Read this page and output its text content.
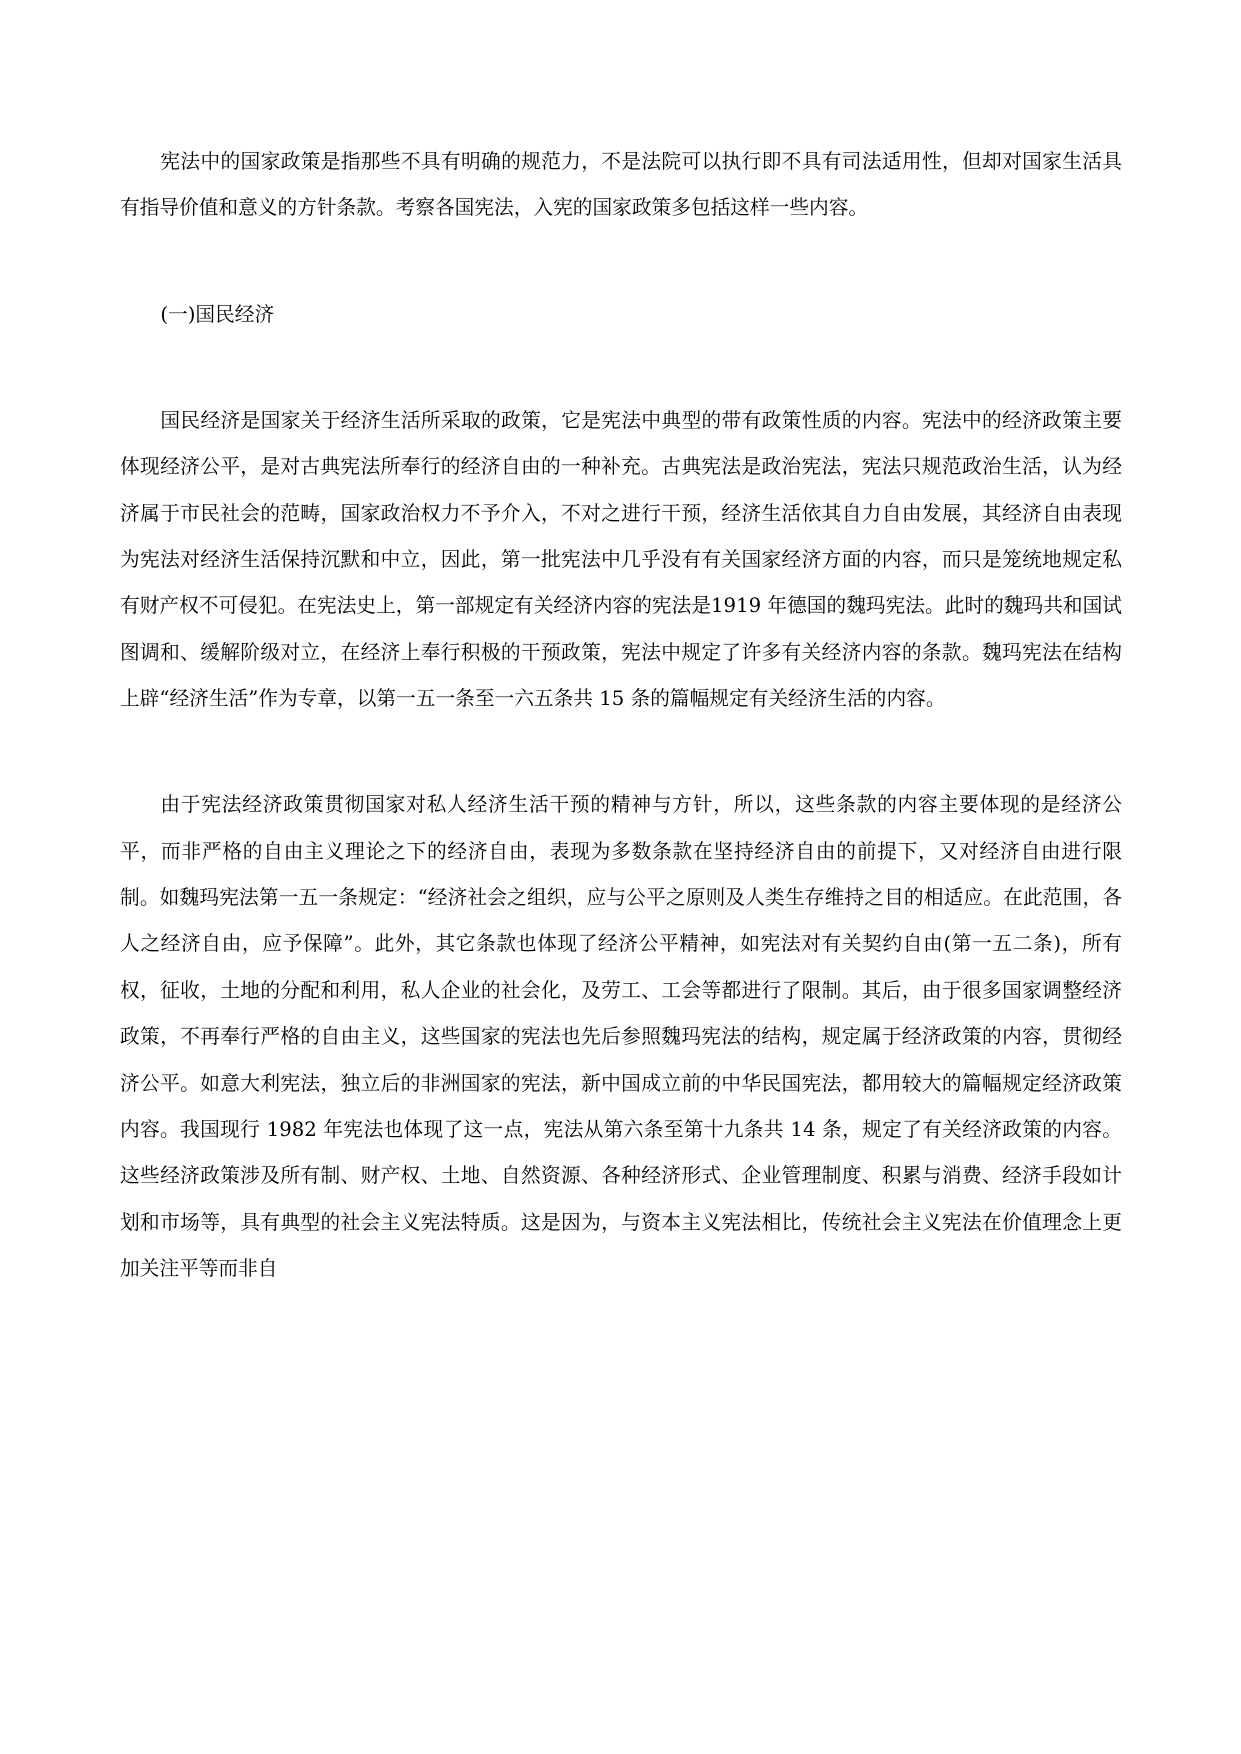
宪法中的国家政策是指那些不具有明确的规范力，不是法院可以执行即不具有司法适用性，但却对国家生活具有指导价值和意义的方针条款。考察各国宪法，入宪的国家政策多包括这样一些内容。

(一)国民经济

国民经济是国家关于经济生活所采取的政策，它是宪法中典型的带有政策性质的内容。宪法中的经济政策主要体现经济公平，是对古典宪法所奉行的经济自由的一种补充。古典宪法是政治宪法，宪法只规范政治生活，认为经济属于市民社会的范畴，国家政治权力不予介入，不对之进行干预，经济生活依其自力自由发展，其经济自由表现为宪法对经济生活保持沉默和中立，因此，第一批宪法中几乎没有有关国家经济方面的内容，而只是笼统地规定私有财产权不可侵犯。在宪法史上，第一部规定有关经济内容的宪法是1919 年德国的魏玛宪法。此时的魏玛共和国试图调和、缓解阶级对立，在经济上奉行积极的干预政策，宪法中规定了许多有关经济内容的条款。魏玛宪法在结构上辟“经济生活”作为专章，以第一五一条至一六五条共 15 条的篇幅规定有关经济生活的内容。

由于宪法经济政策贯彻国家对私人经济生活干预的精神与方针，所以，这些条款的内容主要体现的是经济公平，而非严格的自由主义理论之下的经济自由，表现为多数条款在坚持经济自由的前提下，又对经济自由进行限制。如魏玛宪法第一五一条规定：“经济社会之组织，应与公平之原则及人类生存维持之目的相适应。在此范围，各人之经济自由，应予保障”。此外，其它条款也体现了经济公平精神，如宪法对有关契约自由(第一五二条)，所有权，征收，土地的分配和利用，私人企业的社会化，及劳工、工会等都进行了限制。其后，由于很多国家调整经济政策，不再奉行严格的自由主义，这些国家的宪法也先后参照魏玛宪法的结构，规定属于经济政策的内容，贯彻经济公平。如意大利宪法，独立后的非洲国家的宪法，新中国成立前的中华民国宪法，都用较大的篇幅规定经济政策内容。我国现行 1982 年宪法也体现了这一点，宪法从第六条至第十九条共 14 条，规定了有关经济政策的内容。这些经济政策涉及所有制、财产权、土地、自然资源、各种经济形式、企业管理制度、积累与消费、经济手段如计划和市场等，具有典型的社会主义宪法特质。这是因为，与资本主义宪法相比，传统社会主义宪法在价值理念上更加关注平等而非自
